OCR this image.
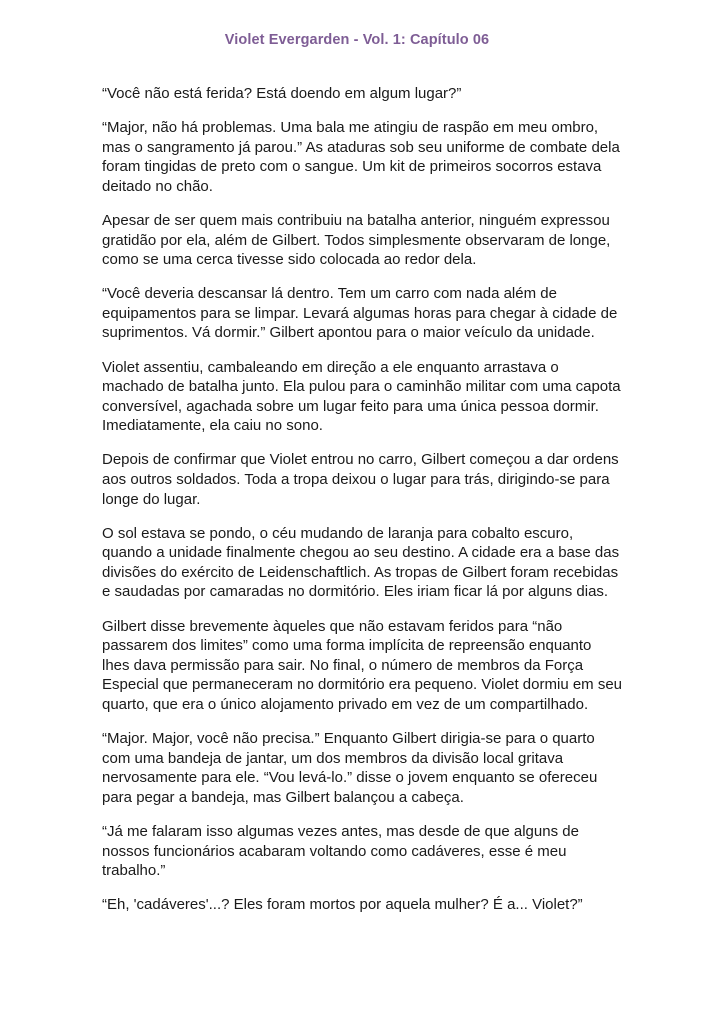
Violet Evergarden - Vol. 1: Capítulo 06

“Você não está ferida? Está doendo em algum lugar?”

“Major, não há problemas. Uma bala me atingiu de raspão em meu ombro, mas o sangramento já parou.” As ataduras sob seu uniforme de combate dela foram tingidas de preto com o sangue. Um kit de primeiros socorros estava deitado no chão.

Apesar de ser quem mais contribuiu na batalha anterior, ninguém expressou gratidão por ela, além de Gilbert. Todos simplesmente observaram de longe, como se uma cerca tivesse sido colocada ao redor dela.

“Você deveria descansar lá dentro. Tem um carro com nada além de equipamentos para se limpar. Levará algumas horas para chegar à cidade de suprimentos. Vá dormir.” Gilbert apontou para o maior veículo da unidade.

Violet assentiu, cambaleando em direção a ele enquanto arrastava o machado de batalha junto. Ela pulou para o caminhão militar com uma capota conversível, agachada sobre um lugar feito para uma única pessoa dormir. Imediatamente, ela caiu no sono.

Depois de confirmar que Violet entrou no carro, Gilbert começou a dar ordens aos outros soldados. Toda a tropa deixou o lugar para trás, dirigindo-se para longe do lugar.

O sol estava se pondo, o céu mudando de laranja para cobalto escuro, quando a unidade finalmente chegou ao seu destino. A cidade era a base das divisões do exército de Leidenschaftlich. As tropas de Gilbert foram recebidas e saudadas por camaradas no dormitório. Eles iriam ficar lá por alguns dias.

Gilbert disse brevemente àqueles que não estavam feridos para “não passarem dos limites” como uma forma implícita de repreensão enquanto lhes dava permissão para sair. No final, o número de membros da Força Especial que permaneceram no dormitório era pequeno. Violet dormiu em seu quarto, que era o único alojamento privado em vez de um compartilhado.

“Major. Major, você não precisa.” Enquanto Gilbert dirigia-se para o quarto com uma bandeja de jantar, um dos membros da divisão local gritava nervosamente para ele. “Vou levá-lo.” disse o jovem enquanto se ofereceu para pegar a bandeja, mas Gilbert balançou a cabeça.

“Já me falaram isso algumas vezes antes, mas desde de que alguns de nossos funcionários acabaram voltando como cadáveres, esse é meu trabalho.”

“Eh, 'cadáveres'...? Eles foram mortos por aquela mulher? É a... Violet?”
